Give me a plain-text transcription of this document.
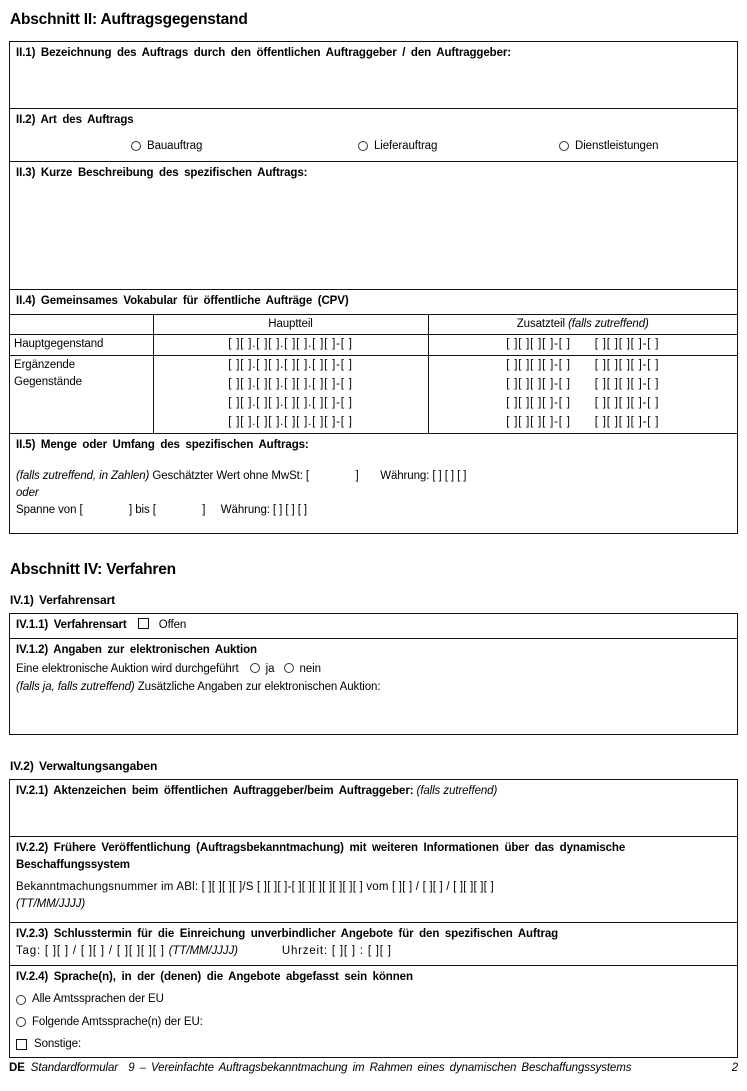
Abschnitt II: Auftragsgegenstand
II.1) Bezeichnung des Auftrags durch den öffentlichen Auftraggeber / den Auftraggeber:
II.2) Art des Auftrags
Bauauftrag	Lieferauftrag	Dienstleistungen
II.3) Kurze Beschreibung des spezifischen Auftrags:
II.4) Gemeinsames Vokabular für öffentliche Aufträge (CPV)
	Hauptteil	Zusatzteil (falls zutreffend)
Hauptgegenstand	[ ][ ].[ ][ ].[ ][ ].[ ][ ]-[ ]	[ ][ ][ ][ ]-[ ]      [ ][ ][ ][ ]-[ ]

Ergänzende
Gegenstände	[ ][ ].[ ][ ].[ ][ ].[ ][ ]-[ ]	[ ][ ][ ][ ]-[ ]      [ ][ ][ ][ ]-[ ]
	[ ][ ].[ ][ ].[ ][ ].[ ][ ]-[ ]	[ ][ ][ ][ ]-[ ]      [ ][ ][ ][ ]-[ ]
	[ ][ ].[ ][ ].[ ][ ].[ ][ ]-[ ]	[ ][ ][ ][ ]-[ ]      [ ][ ][ ][ ]-[ ]
	[ ][ ].[ ][ ].[ ][ ].[ ][ ]-[ ]	[ ][ ][ ][ ]-[ ]      [ ][ ][ ][ ]-[ ]
II.5) Menge oder Umfang des spezifischen Auftrags:
(falls zutreffend, in Zahlen) Geschätzter Wert ohne MwSt: [               ]       Währung: [ ] [ ] [ ]
oder
Spanne von [               ] bis [               ]     Währung: [ ] [ ] [ ]
Abschnitt IV: Verfahren
IV.1) Verfahrensart
IV.1.1) Verfahrensart	Offen
IV.1.2) Angaben zur elektronischen Auktion
Eine elektronische Auktion wird durchgeführt ja nein
(falls ja, falls zutreffend) Zusätzliche Angaben zur elektronischen Auktion:
IV.2) Verwaltungsangaben
IV.2.1) Aktenzeichen beim öffentlichen Auftraggeber/beim Auftraggeber: (falls zutreffend)
IV.2.2) Frühere Veröffentlichung (Auftragsbekanntmachung) mit weiteren Informationen über das dynamische Beschaffungssystem
Bekanntmachungsnummer im ABl: [ ][ ][ ][ ]/S [ ][ ][ ]-[ ][ ][ ][ ][ ][ ][ ] vom [ ][ ] / [ ][ ] / [ ][ ][ ][ ]
(TT/MM/JJJJ)
IV.2.3) Schlusstermin für die Einreichung unverbindlicher Angebote für den spezifischen Auftrag
Tag: [ ][ ] / [ ][ ] / [ ][ ][ ][ ] (TT/MM/JJJJ)	Uhrzeit: [ ][ ] : [ ][ ]
IV.2.4) Sprache(n), in der (denen) die Angebote abgefasst sein können
Alle Amtssprachen der EU
Folgende Amtssprache(n) der EU:
Sonstige:
DE Standardformular  9 – Vereinfachte Auftragsbekanntmachung im Rahmen eines dynamischen Beschaffungssystems	2
